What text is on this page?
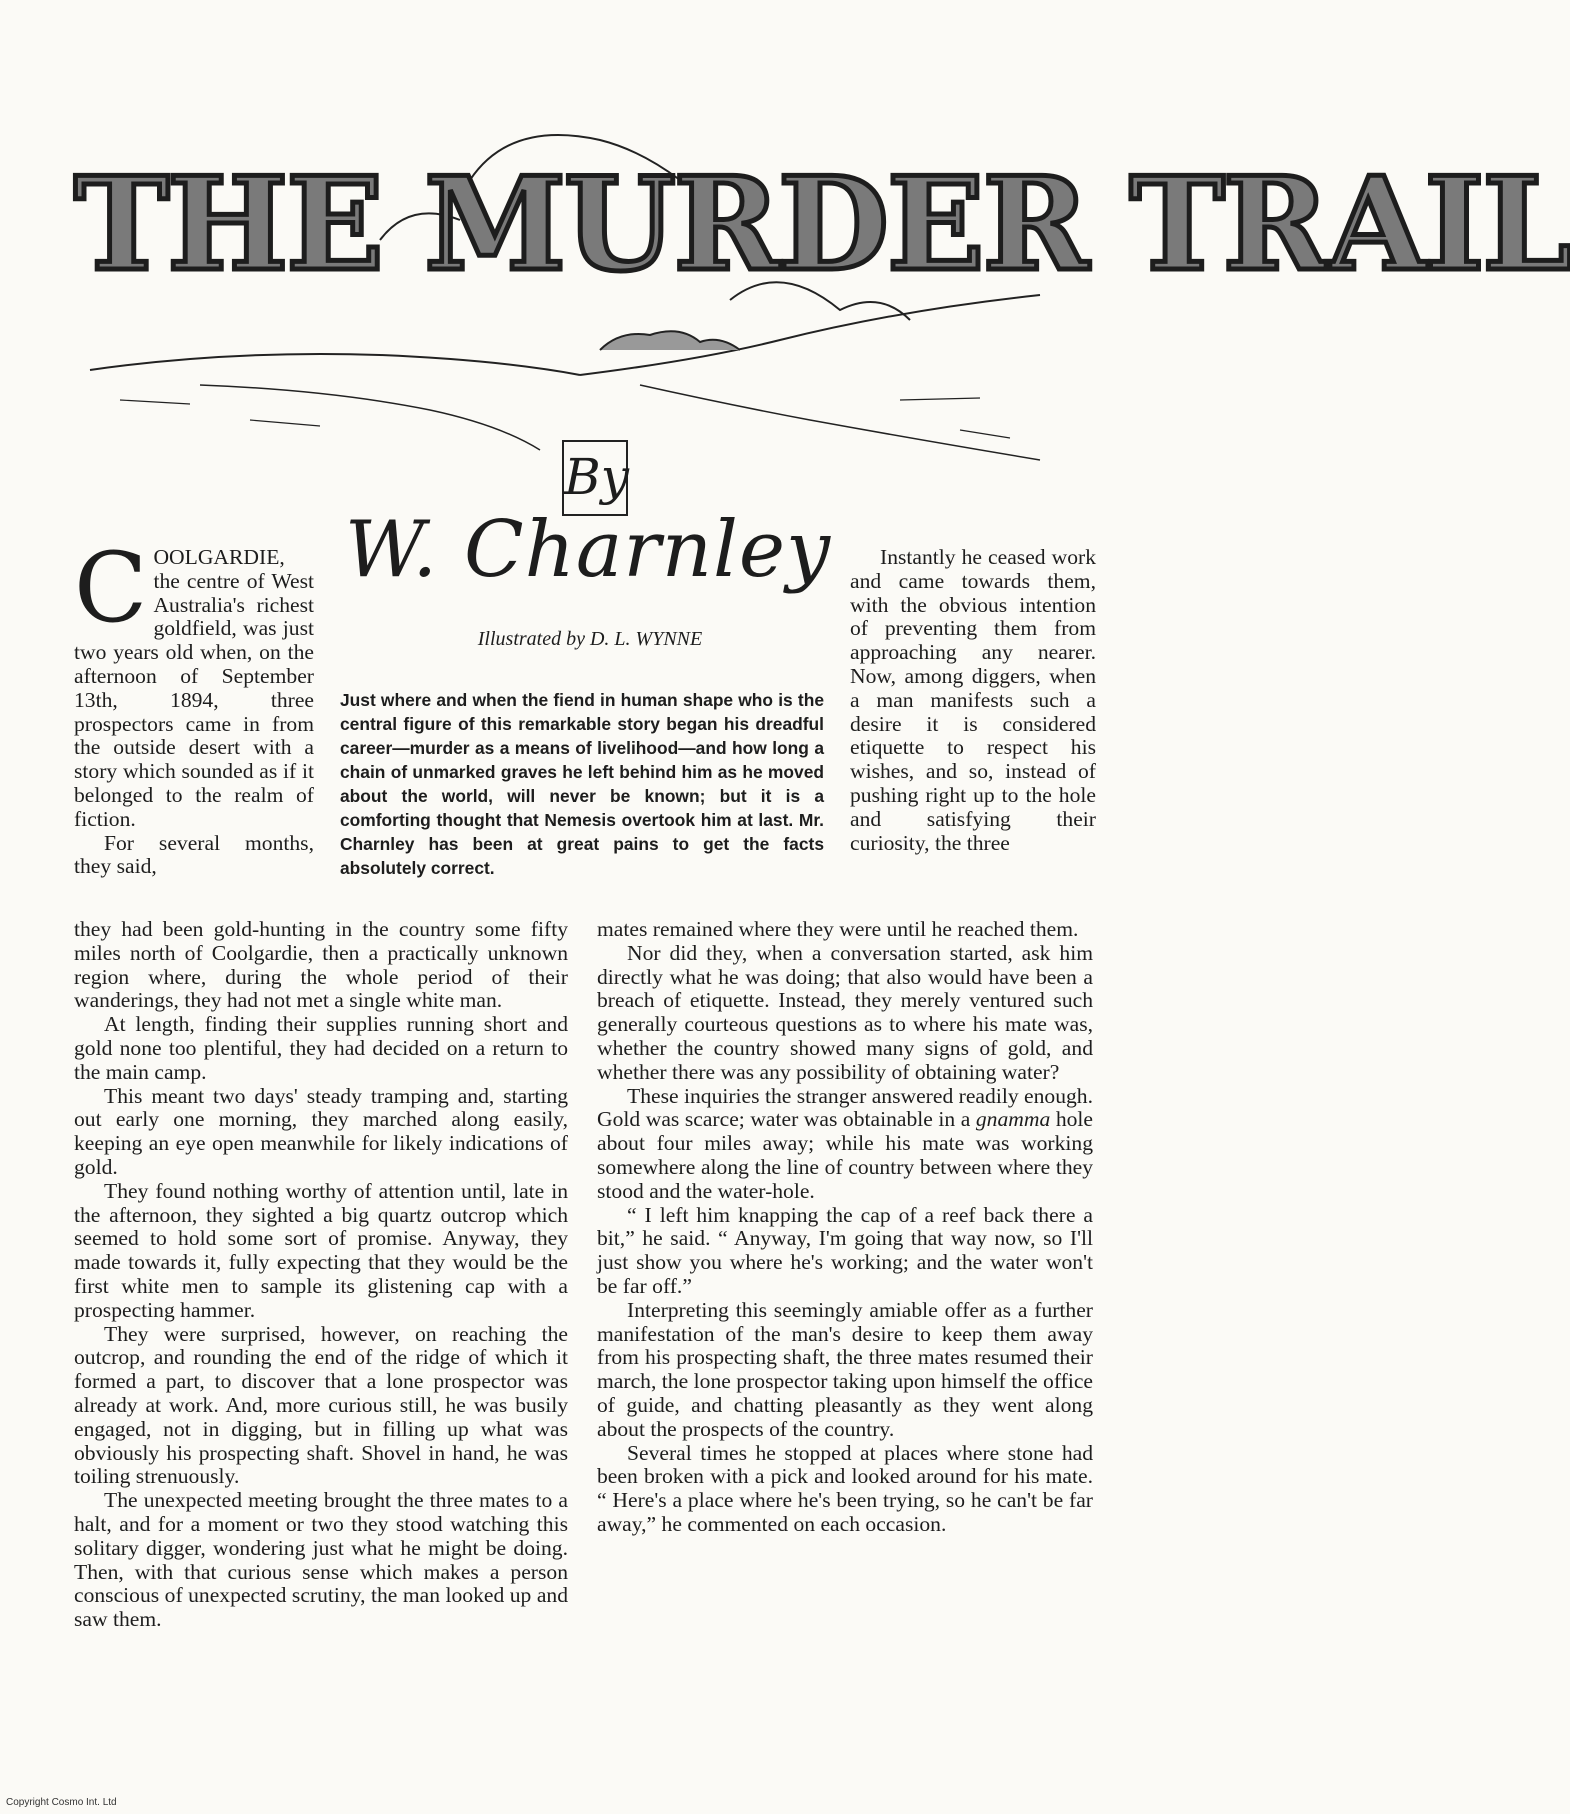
THE MURDER TRAIL
By
W. Charnley
Illustrated by D. L. WYNNE
Just where and when the fiend in human shape who is the central figure of this remarkable story began his dreadful career—murder as a means of livelihood—and how long a chain of unmarked graves he left behind him as he moved about the world, will never be known; but it is a comforting thought that Nemesis overtook him at last. Mr. Charnley has been at great pains to get the facts absolutely correct.

C OOLGARDIE, the centre of West Australia's richest goldfield, was just two years old when, on the afternoon of September 13th, 1894, three prospectors came in from the outside desert with a story which sounded as if it belonged to the realm of fiction.

For several months, they said,

they had been gold-hunting in the country some fifty miles north of Coolgardie, then a practically unknown region where, during the whole period of their wanderings, they had not met a single white man.

At length, finding their supplies running short and gold none too plentiful, they had decided on a return to the main camp.

This meant two days' steady tramping and, starting out early one morning, they marched along easily, keeping an eye open meanwhile for likely indications of gold.

They found nothing worthy of attention until, late in the afternoon, they sighted a big quartz outcrop which seemed to hold some sort of promise. Anyway, they made towards it, fully expecting that they would be the first white men to sample its glistening cap with a prospecting hammer.

They were surprised, however, on reaching the outcrop, and rounding the end of the ridge of which it formed a part, to discover that a lone prospector was already at work. And, more curious still, he was busily engaged, not in digging, but in filling up what was obviously his prospecting shaft. Shovel in hand, he was toiling strenuously.

The unexpected meeting brought the three mates to a halt, and for a moment or two they stood watching this solitary digger, wondering just what he might be doing. Then, with that curious sense which makes a person conscious of unexpected scrutiny, the man looked up and saw them.

Instantly he ceased work and came towards them, with the obvious intention of preventing them from approaching any nearer. Now, among diggers, when a man manifests such a desire it is considered etiquette to respect his wishes, and so, instead of pushing right up to the hole and satisfying their curiosity, the three

mates remained where they were until he reached them.

Nor did they, when a conversation started, ask him directly what he was doing; that also would have been a breach of etiquette. Instead, they merely ventured such generally courteous questions as to where his mate was, whether the country showed many signs of gold, and whether there was any possibility of obtaining water?

These inquiries the stranger answered readily enough. Gold was scarce; water was obtainable in a gnamma hole about four miles away; while his mate was working somewhere along the line of country between where they stood and the water-hole.

“ I left him knapping the cap of a reef back there a bit,” he said. “ Anyway, I'm going that way now, so I'll just show you where he's working; and the water won't be far off.”

Interpreting this seemingly amiable offer as a further manifestation of the man's desire to keep them away from his prospecting shaft, the three mates resumed their march, the lone prospector taking upon himself the office of guide, and chatting pleasantly as they went along about the prospects of the country.

Several times he stopped at places where stone had been broken with a pick and looked around for his mate. “ Here's a place where he's been trying, so he can't be far away,” he commented on each occasion.

Copyright Cosmo Int. Ltd
